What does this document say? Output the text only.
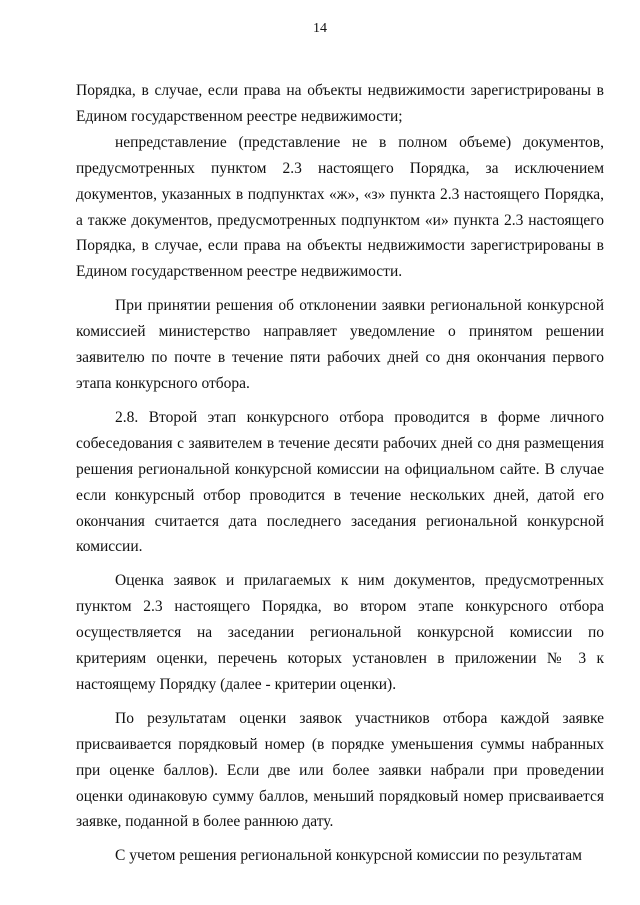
14

Порядка, в случае, если права на объекты недвижимости зарегистрированы в Едином государственном реестре недвижимости;

непредставление (представление не в полном объеме) документов, предусмотренных пунктом 2.3 настоящего Порядка, за исключением документов, указанных в подпунктах «ж», «з» пункта 2.3 настоящего Порядка, а также документов, предусмотренных подпунктом «и» пункта 2.3 настоящего Порядка, в случае, если права на объекты недвижимости зарегистрированы в Едином государственном реестре недвижимости.

При принятии решения об отклонении заявки региональной конкурсной комиссией министерство направляет уведомление о принятом решении заявителю по почте в течение пяти рабочих дней со дня окончания первого этапа конкурсного отбора.

2.8. Второй этап конкурсного отбора проводится в форме личного собеседования с заявителем в течение десяти рабочих дней со дня размещения решения региональной конкурсной комиссии на официальном сайте. В случае если конкурсный отбор проводится в течение нескольких дней, датой его окончания считается дата последнего заседания региональной конкурсной комиссии.

Оценка заявок и прилагаемых к ним документов, предусмотренных пунктом 2.3 настоящего Порядка, во втором этапе конкурсного отбора осуществляется на заседании региональной конкурсной комиссии по критериям оценки, перечень которых установлен в приложении № 3 к настоящему Порядку (далее - критерии оценки).

По результатам оценки заявок участников отбора каждой заявке присваивается порядковый номер (в порядке уменьшения суммы набранных при оценке баллов). Если две или более заявки набрали при проведении оценки одинаковую сумму баллов, меньший порядковый номер присваивается заявке, поданной в более раннюю дату.

С учетом решения региональной конкурсной комиссии по результатам
